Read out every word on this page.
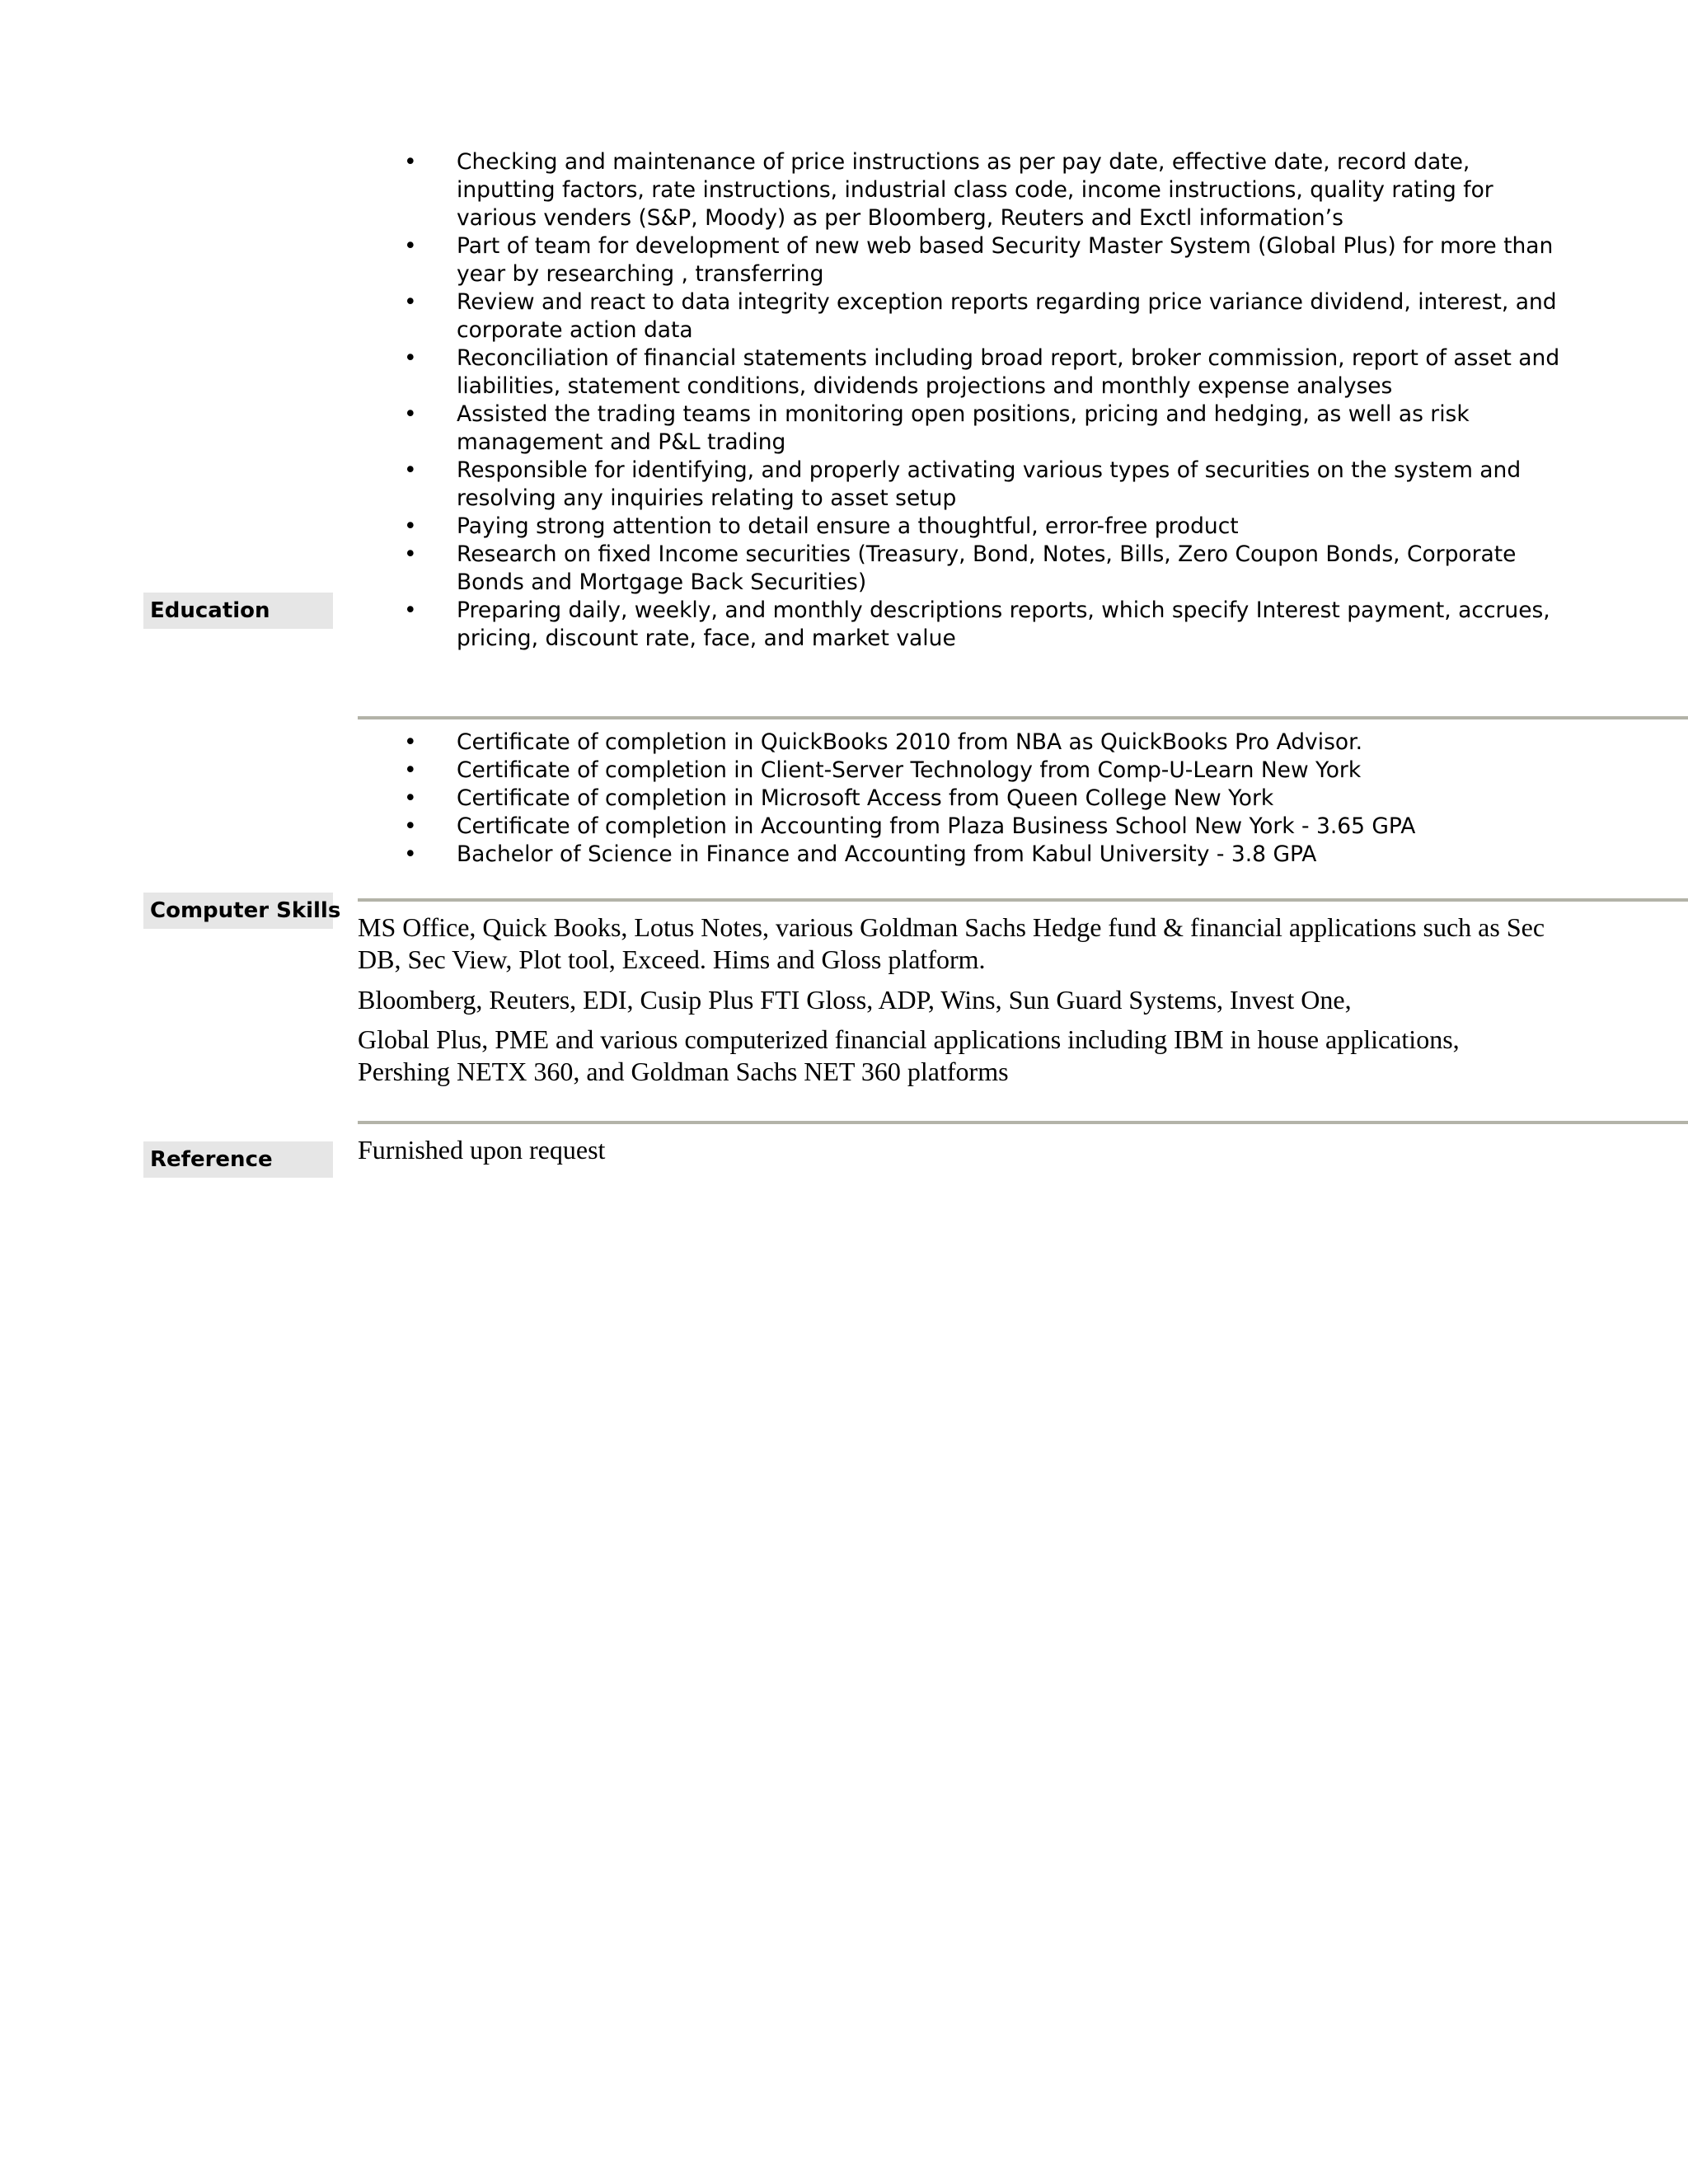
• Checking and maintenance of price instructions as per pay date, effective date, record date, inputting factors, rate instructions, industrial class code, income instructions, quality rating for various venders (S&P, Moody) as per Bloomberg, Reuters and Exctl information’s
• Part of team for development of new web based Security Master System (Global Plus) for more than year by researching , transferring
• Review and react to data integrity exception reports regarding price variance dividend, interest, and corporate action data
• Reconciliation of financial statements including broad report, broker commission, report of asset and liabilities, statement conditions, dividends projections and monthly expense analyses
• Assisted the trading teams in monitoring open positions, pricing and hedging, as well as risk management and P&L trading
• Responsible for identifying, and properly activating various types of securities on the system and resolving any inquiries relating to asset setup
• Paying strong attention to detail ensure a thoughtful, error-free product
• Research on fixed Income securities (Treasury, Bond, Notes, Bills, Zero Coupon Bonds, Corporate Bonds and Mortgage Back Securities)
• Preparing daily, weekly, and monthly descriptions reports, which specify Interest payment, accrues, pricing, discount rate, face, and market value
Education
• Certificate of completion in QuickBooks 2010 from NBA as QuickBooks Pro Advisor.
• Certificate of completion in Client-Server Technology from Comp-U-Learn New York
• Certificate of completion in Microsoft Access from Queen College New York
• Certificate of completion in Accounting from Plaza Business School New York - 3.65 GPA
• Bachelor of Science in Finance and Accounting from Kabul University - 3.8 GPA
Computer Skills

MS Office, Quick Books, Lotus Notes, various Goldman Sachs Hedge fund & financial applications such as Sec DB, Sec View, Plot tool, Exceed. Hims and Gloss platform.

Bloomberg, Reuters, EDI, Cusip Plus FTI Gloss, ADP, Wins, Sun Guard Systems, Invest One,

Global Plus, PME and various computerized financial applications including IBM in house applications, Pershing NETX 360, and Goldman Sachs NET 360 platforms

Reference	Furnished upon request
